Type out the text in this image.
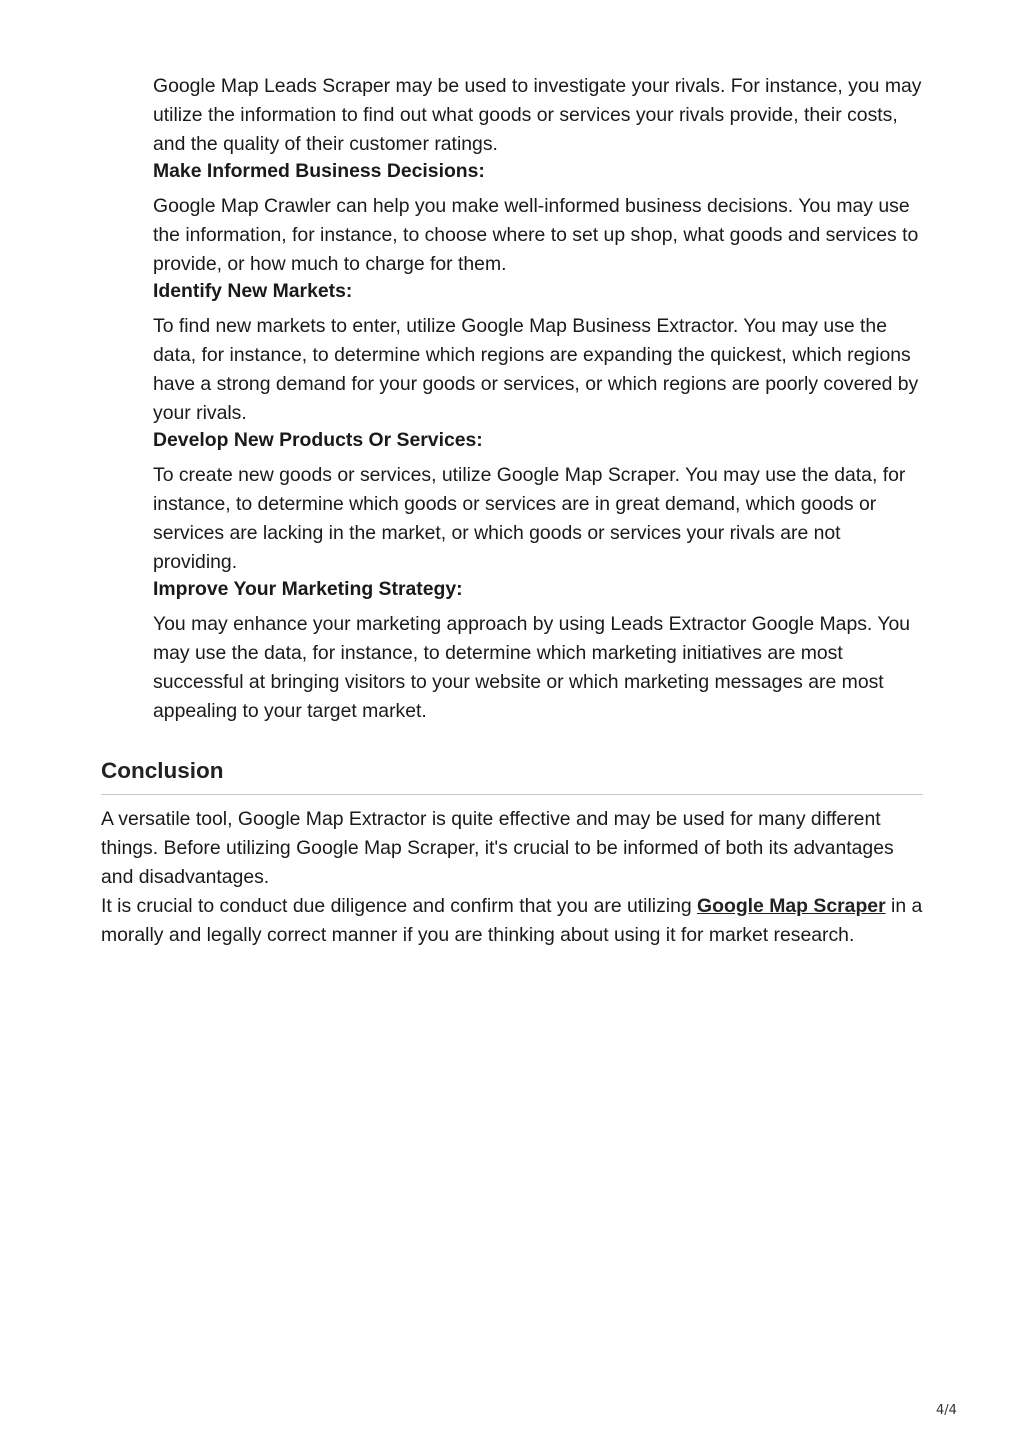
Google Map Leads Scraper may be used to investigate your rivals. For instance, you may utilize the information to find out what goods or services your rivals provide, their costs, and the quality of their customer ratings.

Make Informed Business Decisions:

Google Map Crawler can help you make well-informed business decisions. You may use the information, for instance, to choose where to set up shop, what goods and services to provide, or how much to charge for them.

Identify New Markets:

To find new markets to enter, utilize Google Map Business Extractor. You may use the data, for instance, to determine which regions are expanding the quickest, which regions have a strong demand for your goods or services, or which regions are poorly covered by your rivals.

Develop New Products Or Services:

To create new goods or services, utilize Google Map Scraper. You may use the data, for instance, to determine which goods or services are in great demand, which goods or services are lacking in the market, or which goods or services your rivals are not providing.

Improve Your Marketing Strategy:

You may enhance your marketing approach by using Leads Extractor Google Maps. You may use the data, for instance, to determine which marketing initiatives are most successful at bringing visitors to your website or which marketing messages are most appealing to your target market.

Conclusion

A versatile tool, Google Map Extractor is quite effective and may be used for many different things. Before utilizing Google Map Scraper, it's crucial to be informed of both its advantages and disadvantages.

It is crucial to conduct due diligence and confirm that you are utilizing Google Map Scraper in a morally and legally correct manner if you are thinking about using it for market research.

4/4
